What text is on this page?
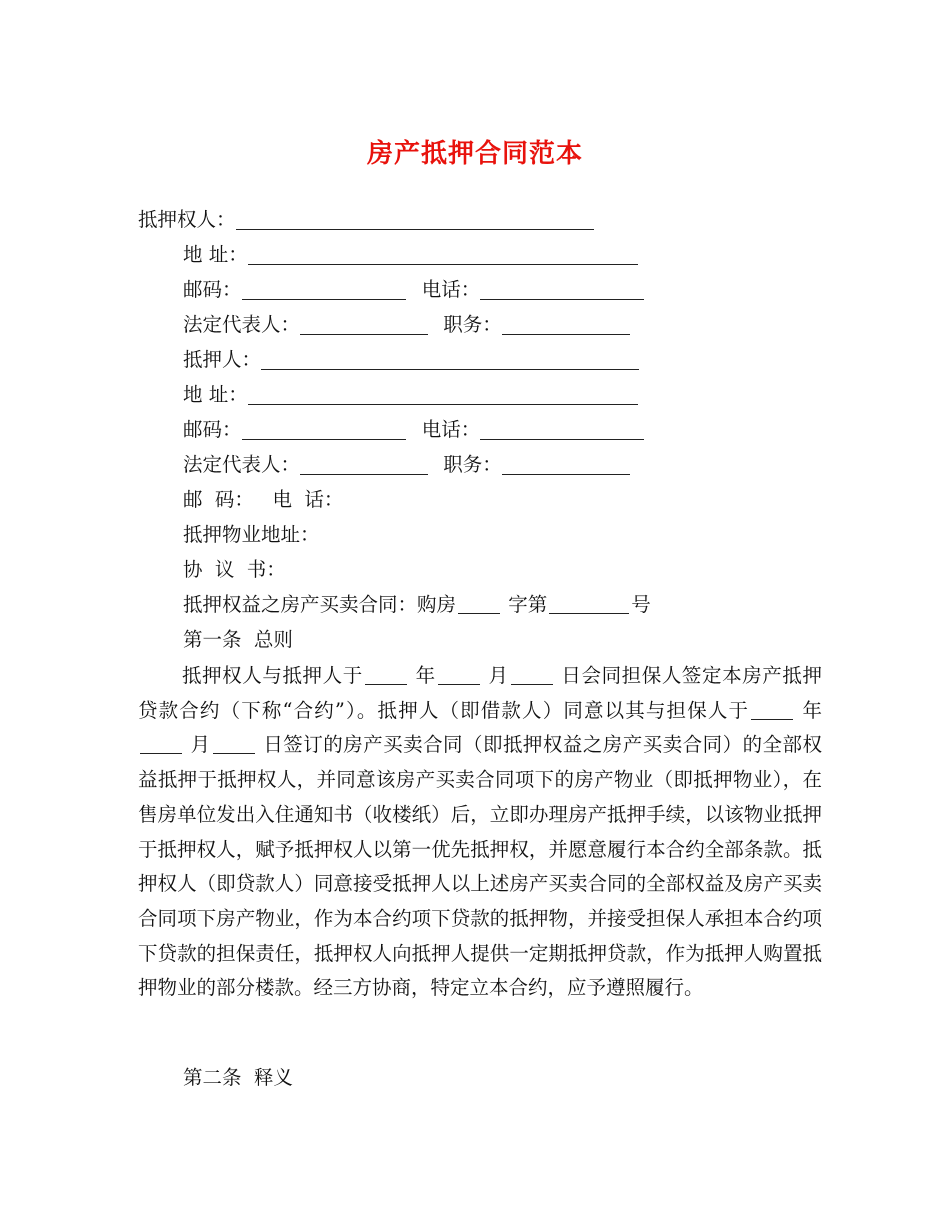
房产抵押合同范本
抵押权人：
地 址：
邮码：	电话：
法定代表人：	职务：
抵押人：
地 址：
邮码：	电话：
法定代表人：	职务：
邮  码：   电  话：
抵押物业地址：
协  议  书：
抵押权益之房产买卖合同：购房	字第	号
第一条  总则
抵押权人与抵押人于	年	月	日会同担保人签定本房产抵押贷款合约（下称“合约”）。抵押人（即借款人）同意以其与担保人于	年 月	日签订的房产买卖合同（即抵押权益之房产买卖合同）的全部权益抵押于抵押权人，并同意该房产买卖合同项下的房产物业（即抵押物业），在售房单位发出入住通知书（收楼纸）后，立即办理房产抵押手续，以该物业抵押于抵押权人，赋予抵押权人以第一优先抵押权，并愿意履行本合约全部条款。抵押权人（即贷款人）同意接受抵押人以上述房产买卖合同的全部权益及房产买卖合同项下房产物业，作为本合约项下贷款的抵押物，并接受担保人承担本合约项下贷款的担保责任，抵押权人向抵押人提供一定期抵押贷款，作为抵押人购置抵押物业的部分楼款。经三方协商，特定立本合约，应予遵照履行。
第二条  释义
